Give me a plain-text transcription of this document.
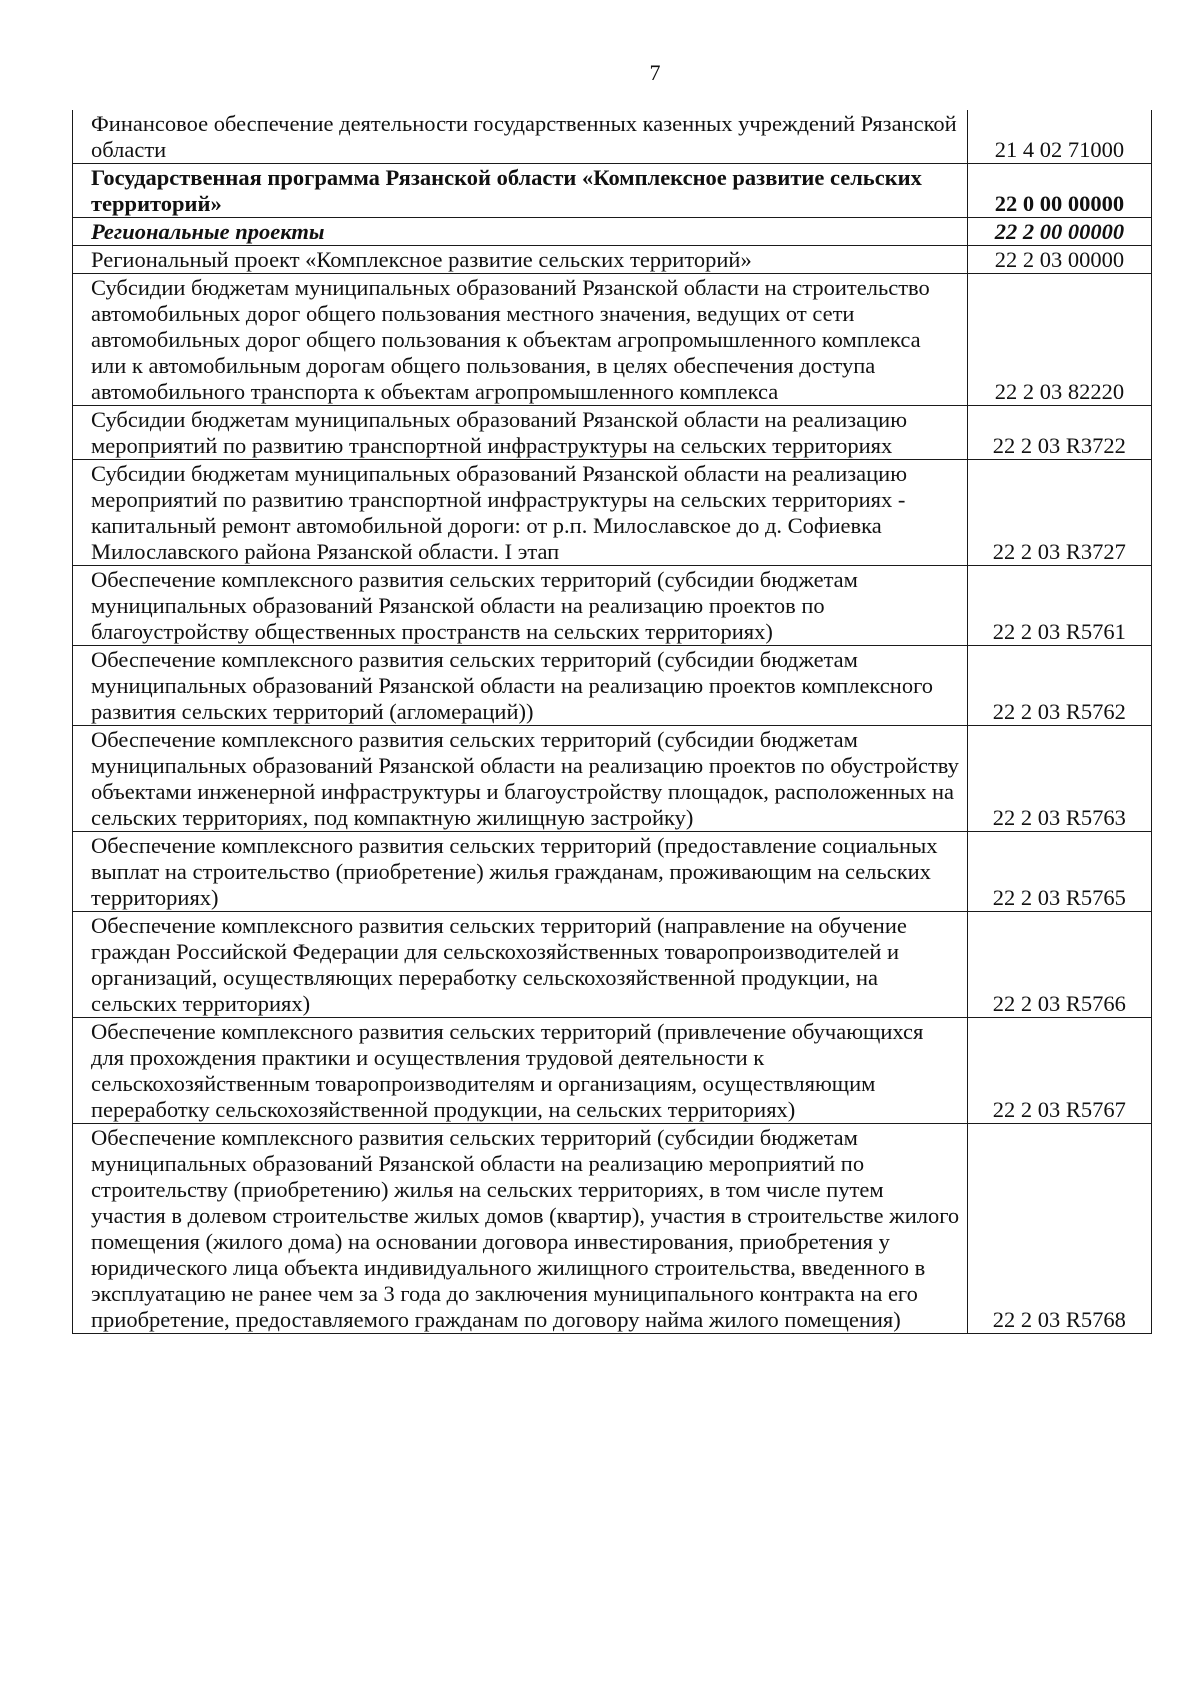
7
Финансовое обеспечение деятельности государственных казенных учреждений Рязанской области	21 4 02 71000
Государственная программа Рязанской области «Комплексное развитие сельских территорий»	22 0 00 00000
Региональные проекты	22 2 00 00000
Региональный проект «Комплексное развитие сельских территорий»	22 2 03 00000
Субсидии бюджетам муниципальных образований Рязанской области на строительство автомобильных дорог общего пользования местного значения, ведущих от сети автомобильных дорог общего пользования к объектам агропромышленного комплекса или к автомобильным дорогам общего пользования, в целях обеспечения доступа автомобильного транспорта к объектам агропромышленного комплекса	22 2 03 82220
Субсидии бюджетам муниципальных образований Рязанской области на реализацию мероприятий по развитию транспортной инфраструктуры на сельских территориях	22 2 03 R3722
Субсидии бюджетам муниципальных образований Рязанской области на реализацию мероприятий по развитию транспортной инфраструктуры на сельских территориях - капитальный ремонт автомобильной дороги: от р.п. Милославское до д. Софиевка Милославского района Рязанской области. I этап	22 2 03 R3727
Обеспечение комплексного развития сельских территорий (субсидии бюджетам муниципальных образований Рязанской области на реализацию проектов по благоустройству общественных пространств на сельских территориях)	22 2 03 R5761
Обеспечение комплексного развития сельских территорий (субсидии бюджетам муниципальных образований Рязанской области на реализацию проектов комплексного развития сельских территорий (агломераций))	22 2 03 R5762
Обеспечение комплексного развития сельских территорий (субсидии бюджетам муниципальных образований Рязанской области на реализацию проектов по обустройству объектами инженерной инфраструктуры и благоустройству площадок, расположенных на сельских территориях, под компактную жилищную застройку)	22 2 03 R5763
Обеспечение комплексного развития сельских территорий (предоставление социальных выплат на строительство (приобретение) жилья гражданам, проживающим на сельских территориях)	22 2 03 R5765
Обеспечение комплексного развития сельских территорий (направление на обучение граждан Российской Федерации для сельскохозяйственных товаропроизводителей и организаций, осуществляющих переработку сельскохозяйственной продукции, на сельских территориях)	22 2 03 R5766
Обеспечение комплексного развития сельских территорий (привлечение обучающихся для прохождения практики и осуществления трудовой деятельности к сельскохозяйственным товаропроизводителям и организациям, осуществляющим переработку сельскохозяйственной продукции, на сельских территориях)	22 2 03 R5767
Обеспечение комплексного развития сельских территорий (субсидии бюджетам муниципальных образований Рязанской области на реализацию мероприятий по строительству (приобретению) жилья на сельских территориях, в том числе путем участия в долевом строительстве жилых домов (квартир), участия в строительстве жилого помещения (жилого дома) на основании договора инвестирования, приобретения у юридического лица объекта индивидуального жилищного строительства, введенного в эксплуатацию не ранее чем за 3 года до заключения муниципального контракта на его приобретение, предоставляемого гражданам по договору найма жилого помещения)	22 2 03 R5768
